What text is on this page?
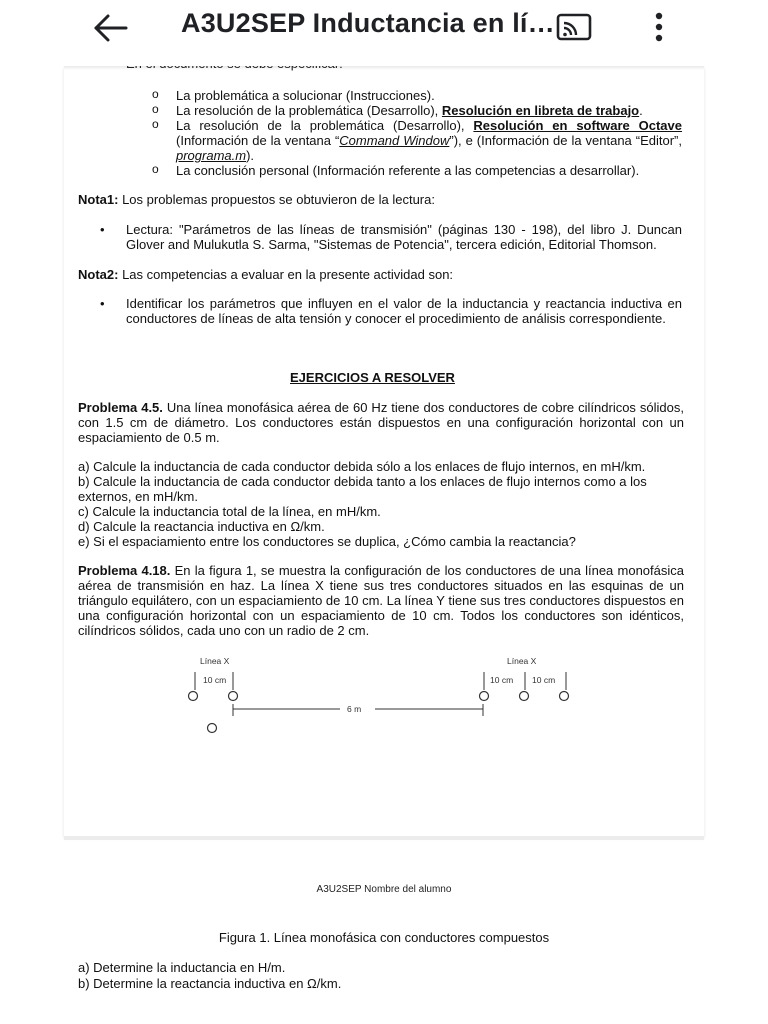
A3U2SEP Inductancia en lí…
o La problemática a solucionar (Instrucciones).
o La resolución de la problemática (Desarrollo), Resolución en libreta de trabajo.
o La resolución de la problemática (Desarrollo), Resolución en software Octave (Información de la ventana “Command Window”), e (Información de la ventana “Editor”, programa.m).
o La conclusión personal (Información referente a las competencias a desarrollar).
Nota1: Los problemas propuestos se obtuvieron de la lectura:
• Lectura: "Parámetros de las líneas de transmisión" (páginas 130 - 198), del libro J. Duncan Glover and Mulukutla S. Sarma, "Sistemas de Potencia", tercera edición, Editorial Thomson.
Nota2: Las competencias a evaluar en la presente actividad son:
• Identificar los parámetros que influyen en el valor de la inductancia y reactancia inductiva en conductores de líneas de alta tensión y conocer el procedimiento de análisis correspondiente.
EJERCICIOS A RESOLVER
Problema 4.5. Una línea monofásica aérea de 60 Hz tiene dos conductores de cobre cilíndricos sólidos, con 1.5 cm de diámetro. Los conductores están dispuestos en una configuración horizontal con un espaciamiento de 0.5 m.
a) Calcule la inductancia de cada conductor debida sólo a los enlaces de flujo internos, en mH/km.
b) Calcule la inductancia de cada conductor debida tanto a los enlaces de flujo internos como a los externos, en mH/km.
c) Calcule la inductancia total de la línea, en mH/km.
d) Calcule la reactancia inductiva en Ω/km.
e) Si el espaciamiento entre los conductores se duplica, ¿Cómo cambia la reactancia?
Problema 4.18. En la figura 1, se muestra la configuración de los conductores de una línea monofásica aérea de transmisión en haz. La línea X tiene sus tres conductores situados en las esquinas de un triángulo equilátero, con un espaciamiento de 10 cm. La línea Y tiene sus tres conductores dispuestos en una configuración horizontal con un espaciamiento de 10 cm. Todos los conductores son idénticos, cilíndricos sólidos, cada uno con un radio de 2 cm.
Línea X
10 cm
6 m
Línea X
10 cm 10 cm
A3U2SEP Nombre del alumno
Figura 1. Línea monofásica con conductores compuestos
a) Determine la inductancia en H/m.
b) Determine la reactancia inductiva en Ω/km.
